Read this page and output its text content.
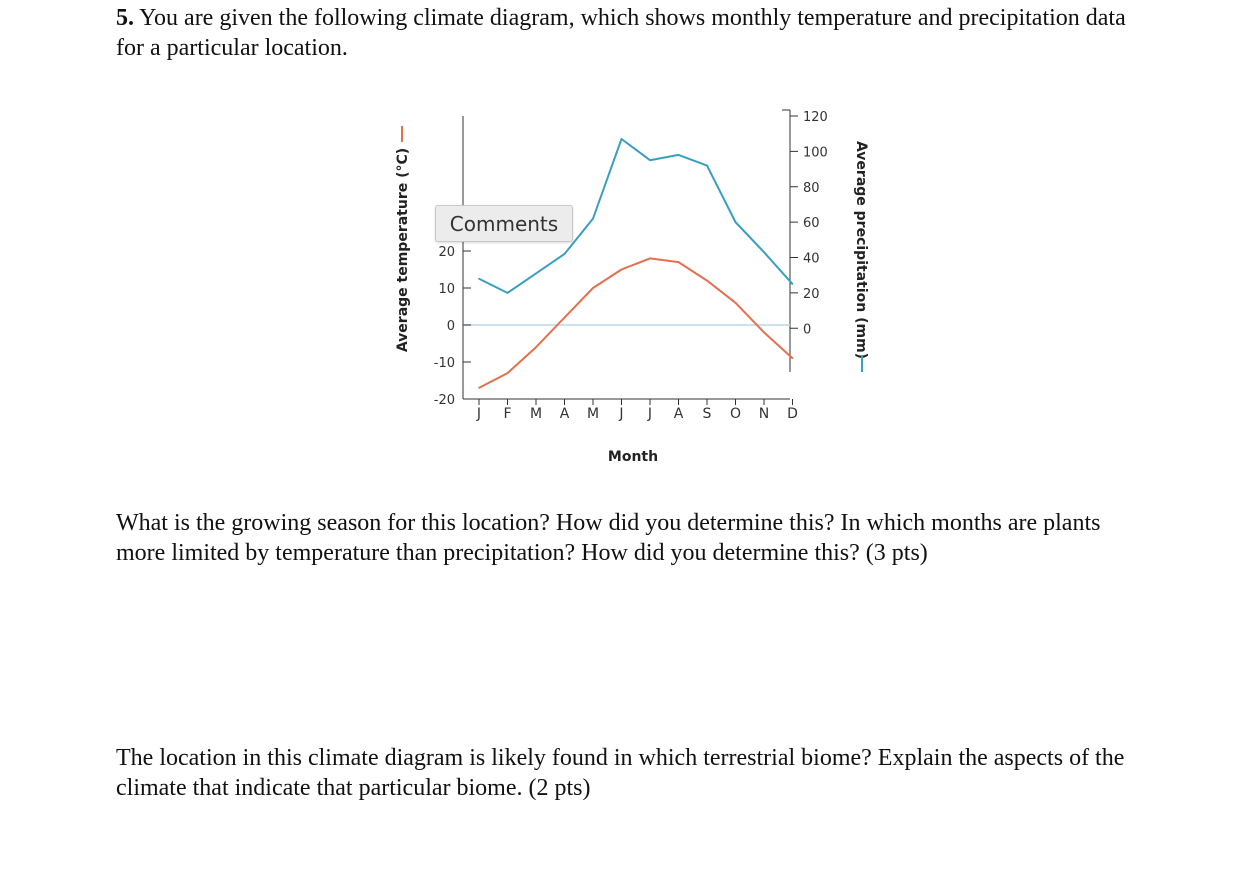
5. You are given the following climate diagram, which shows monthly temperature and precipitation data for a particular location.

-20
-10
0
10
20
0
20
40
60
80
100
120
J F M A M J J A S O N D
Month
Average temperature (°C)	Average precipitation (mm)
Comments

What is the growing season for this location? How did you determine this? In which months are plants more limited by temperature than precipitation? How did you determine this? (3 pts)

The location in this climate diagram is likely found in which terrestrial biome? Explain the aspects of the climate that indicate that particular biome. (2 pts)
